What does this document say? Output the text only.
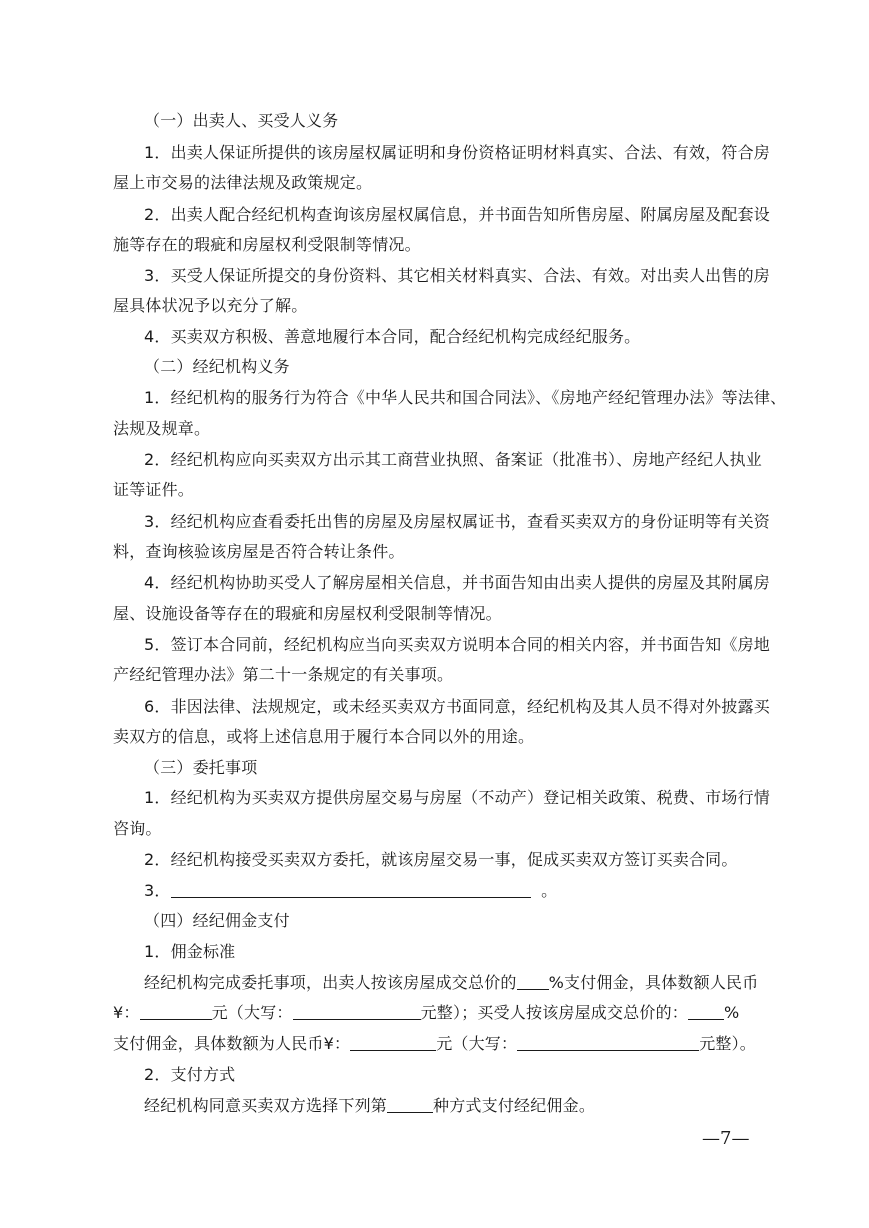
（一）出卖人、买受人义务
1．出卖人保证所提供的该房屋权属证明和身份资格证明材料真实、合法、有效，符合房
屋上市交易的法律法规及政策规定。
2．出卖人配合经纪机构查询该房屋权属信息，并书面告知所售房屋、附属房屋及配套设
施等存在的瑕疵和房屋权利受限制等情况。
3．买受人保证所提交的身份资料、其它相关材料真实、合法、有效。对出卖人出售的房
屋具体状况予以充分了解。
4．买卖双方积极、善意地履行本合同，配合经纪机构完成经纪服务。
（二）经纪机构义务
1．经纪机构的服务行为符合《中华人民共和国合同法》、《房地产经纪管理办法》等法律、
法规及规章。
2．经纪机构应向买卖双方出示其工商营业执照、备案证（批准书）、房地产经纪人执业
证等证件。
3．经纪机构应查看委托出售的房屋及房屋权属证书，查看买卖双方的身份证明等有关资
料，查询核验该房屋是否符合转让条件。
4．经纪机构协助买受人了解房屋相关信息，并书面告知由出卖人提供的房屋及其附属房
屋、设施设备等存在的瑕疵和房屋权利受限制等情况。
5．签订本合同前，经纪机构应当向买卖双方说明本合同的相关内容，并书面告知《房地
产经纪管理办法》第二十一条规定的有关事项。
6．非因法律、法规规定，或未经买卖双方书面同意，经纪机构及其人员不得对外披露买
卖双方的信息，或将上述信息用于履行本合同以外的用途。
（三）委托事项
1．经纪机构为买卖双方提供房屋交易与房屋（不动产）登记相关政策、税费、市场行情
咨询。
2．经纪机构接受买卖双方委托，就该房屋交易一事，促成买卖双方签订买卖合同。
3．	。
（四）经纪佣金支付
1．佣金标准
经纪机构完成委托事项，出卖人按该房屋成交总价的 %支付佣金，具体数额人民币
¥：	元（大写：	元整）；买受人按该房屋成交总价的： %
支付佣金，具体数额为人民币¥：	元（大写：	元整）。
2．支付方式
经纪机构同意买卖双方选择下列第	种方式支付经纪佣金。
—7—
